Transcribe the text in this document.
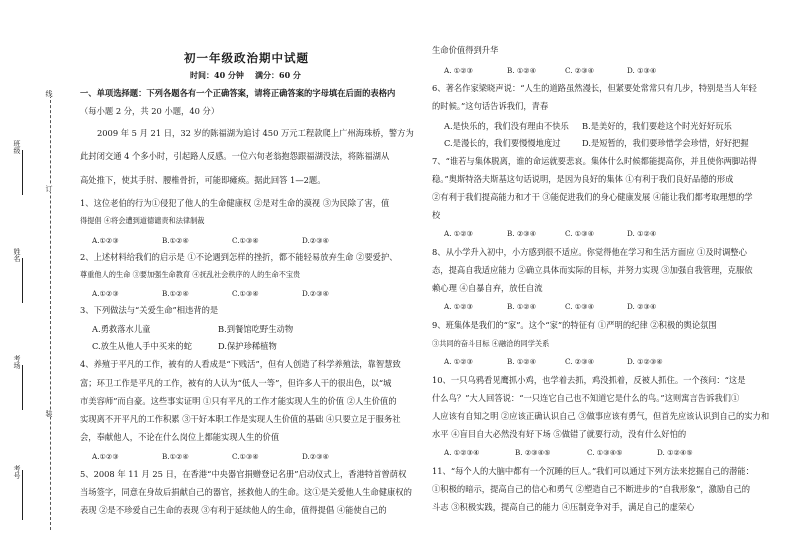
考号
考场
姓名
班级
线
订
装
初一年级政治期中试题
时间：40 分钟 满分：60 分
一、单项选择题：下列各题各有一个正确答案，请将正确答案的字母填在后面的表格内
（每小题 2 分，共 20 小题，40 分）
2009 年 5 月 21 日，32 岁的陈福湖为追讨 450 万元工程款爬上广州海珠桥，警方为
此封闭交通 4 个多小时，引起路人反感。一位六旬老翁抱怨跟福湖没法，将陈福湖从
高处推下，使其手肘、腰椎骨折，可能即瘫痪。据此回答 1—2题。
1、这位老伯的行为①侵犯了他人的生命健康权 ②是对生命的漠视 ③为民除了害，值
得提倡 ④将会遭到道德谴责和法律制裁
A.①②③	B.①②④	C.①③④	D.②③④
2、上述材料给我们的启示是 ①不论遇到怎样的挫折，都不能轻易放弃生命 ②要爱护、
尊重他人的生命 ③要加强生命教育 ④抚乱社会秩序的人的生命不宝贵
A.①②③	B.①②④	C.①③④	D.②③④
3、下列做法与“关爱生命”相违背的是
A.勇救落水儿童	B.到餐馆吃野生动物
C.放生从他人手中买来的蛇	D.保护珍稀植物
4、养殖于平凡的工作，被有的人看成是“下贱活”，但有人创造了科学养殖法，靠智慧致
富；环卫工作是平凡的工作，被有的人认为“低人一等”，但许多人干的很出色，以“城
市美容师”而自豪。这些事实证明 ①只有平凡的工作才能实现人生的价值 ②人生价值的
实现离不开平凡的工作积累 ③干好本职工作是实现人生价值的基础 ④只要立足于服务社
会，奉献他人，不论在什么岗位上都能实现人生的价值
A.①②③	B.①②④	C.①③④	D.②③④
5、2008 年 11 月 25 日，在香港“中央器官捐赠登记名册”启动仪式上，香港特首曾荫权
当场签字，同意在身故后捐献自己的器官，拯救他人的生命。这①是关爱他人生命健康权的
表现 ②是不珍爱自己生命的表现 ③有利于延续他人的生命，值得提倡 ④能使自己的
生命价值得到升华
A. ①②③	B. ①②④	C. ②③④	D. ①③④
6、著名作家梁晓声说：“人生的道路虽然漫长，但紧要处常常只有几步，特别是当人年轻
的时候。”这句话告诉我们，青春
A.是快乐的，我们没有理由不快乐 B.是美好的，我们要趁这个时光好好玩乐
C.是漫长的，我们要慢慢地度过	D.是短暂的，我们要珍惜学会珍惜，好好把握
7、“谁若与集体脱离，谁的命运就要悲哀。集体什么时候都能提高你，并且使你两脚站得
稳。”奥斯特洛夫斯基这句话说明，是因为良好的集体 ①有利于我们良好品德的形成
②有利于我们提高能力和才干 ③能促进我们的身心健康发展 ④能让我们都考取理想的学
校
A. ①②③	B. ②③④	C. ①③④	D. ①②④
8、从小学升入初中，小方感到很不适应。你觉得他在学习和生活方面应 ①及时调整心
态，提高自我适应能力 ②确立具体而实际的目标，并努力实现 ③加强自我管理，克服依
赖心理 ④自暴自弃，放任自流
A. ①②③	B. ①②④	C. ①③④	D. ②③④
9、班集体是我们的“家”。这个“家”的特征有 ①严明的纪律 ②积极的舆论氛围
③共同的奋斗目标 ④融洽的同学关系
A. ①②③	B. ①②④	C. ②③④	D. ①②③④
10、一只乌鸦看见鹰抓小鸡，也学着去抓，鸡没抓着，反被人抓住。一个孩问：“这是
什么鸟？”大人回答说：“一只连它自己也不知道它是什么的鸟。”这则寓言告诉我们①
人应该有自知之明 ②应该正确认识自己 ③做事应该有勇气，但首先应该认识到自己的实力和
水平 ④盲目自大必然没有好下场 ⑤做错了就要行动，没有什么好怕的
A. ①②③④	B. ②③④⑤	C. ①③④⑤	D. ①②④⑤
11、“每个人的大脑中都有一个沉睡的巨人。”我们可以通过下列方法来挖掘自己的潜能：
①积极的暗示，提高自己的信心和勇气 ②塑造自己不断进步的“自我形象”，激励自己的
斗志 ③积极实践，提高自己的能力 ④压制竞争对手，满足自己的虚荣心
